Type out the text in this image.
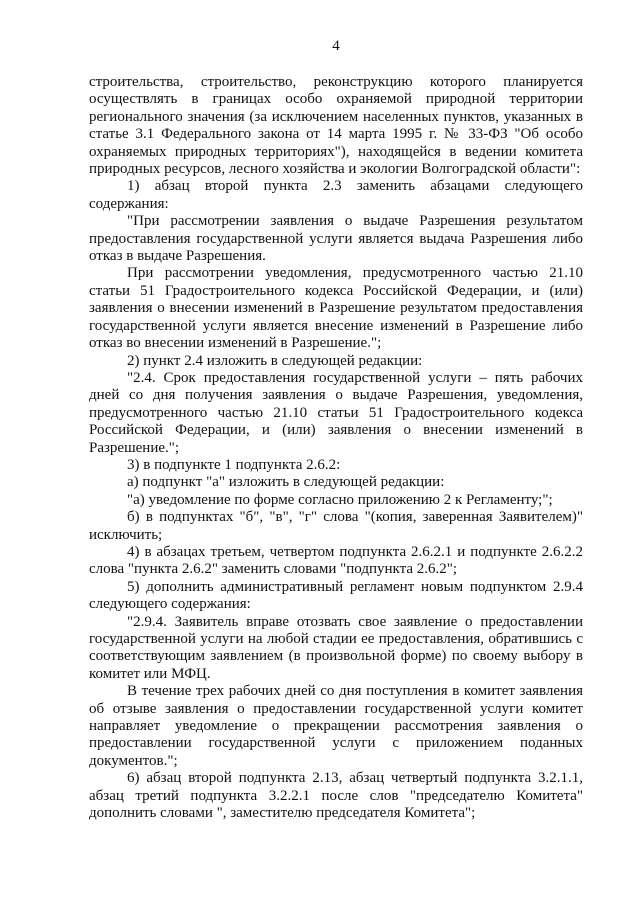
4

строительства, строительство, реконструкцию которого планируется осуществлять в границах особо охраняемой природной территории регионального значения (за исключением населенных пунктов, указанных в статье 3.1 Федерального закона от 14 марта 1995 г. № 33-ФЗ "Об особо охраняемых природных территориях"), находящейся в ведении комитета природных ресурсов, лесного хозяйства и экологии Волгоградской области":

1) абзац второй пункта 2.3 заменить абзацами следующего содержания:

"При рассмотрении заявления о выдаче Разрешения результатом предоставления государственной услуги является выдача Разрешения либо отказ в выдаче Разрешения.

При рассмотрении уведомления, предусмотренного частью 21.10 статьи 51 Градостроительного кодекса Российской Федерации, и (или) заявления о внесении изменений в Разрешение результатом предоставления государственной услуги является внесение изменений в Разрешение либо отказ во внесении изменений в Разрешение.";

2) пункт 2.4 изложить в следующей редакции:

"2.4. Срок предоставления государственной услуги – пять рабочих дней со дня получения заявления о выдаче Разрешения, уведомления, предусмотренного частью 21.10 статьи 51 Градостроительного кодекса Российской Федерации, и (или) заявления о внесении изменений в Разрешение.";

3) в подпункте 1 подпункта 2.6.2:

а) подпункт "а" изложить в следующей редакции:

"а) уведомление по форме согласно приложению 2 к Регламенту;";

б) в подпунктах "б", "в", "г" слова "(копия, заверенная Заявителем)" исключить;

4) в абзацах третьем, четвертом подпункта 2.6.2.1 и подпункте 2.6.2.2 слова "пункта 2.6.2" заменить словами "подпункта 2.6.2";

5) дополнить административный регламент новым подпунктом 2.9.4 следующего содержания:

"2.9.4. Заявитель вправе отозвать свое заявление о предоставлении государственной услуги на любой стадии ее предоставления, обратившись с соответствующим заявлением (в произвольной форме) по своему выбору в комитет или МФЦ.

В течение трех рабочих дней со дня поступления в комитет заявления об отзыве заявления о предоставлении государственной услуги комитет направляет уведомление о прекращении рассмотрения заявления о предоставлении государственной услуги с приложением поданных документов.";

6) абзац второй подпункта 2.13, абзац четвертый подпункта 3.2.1.1, абзац третий подпункта 3.2.2.1 после слов "председателю Комитета" дополнить словами ", заместителю председателя Комитета";
